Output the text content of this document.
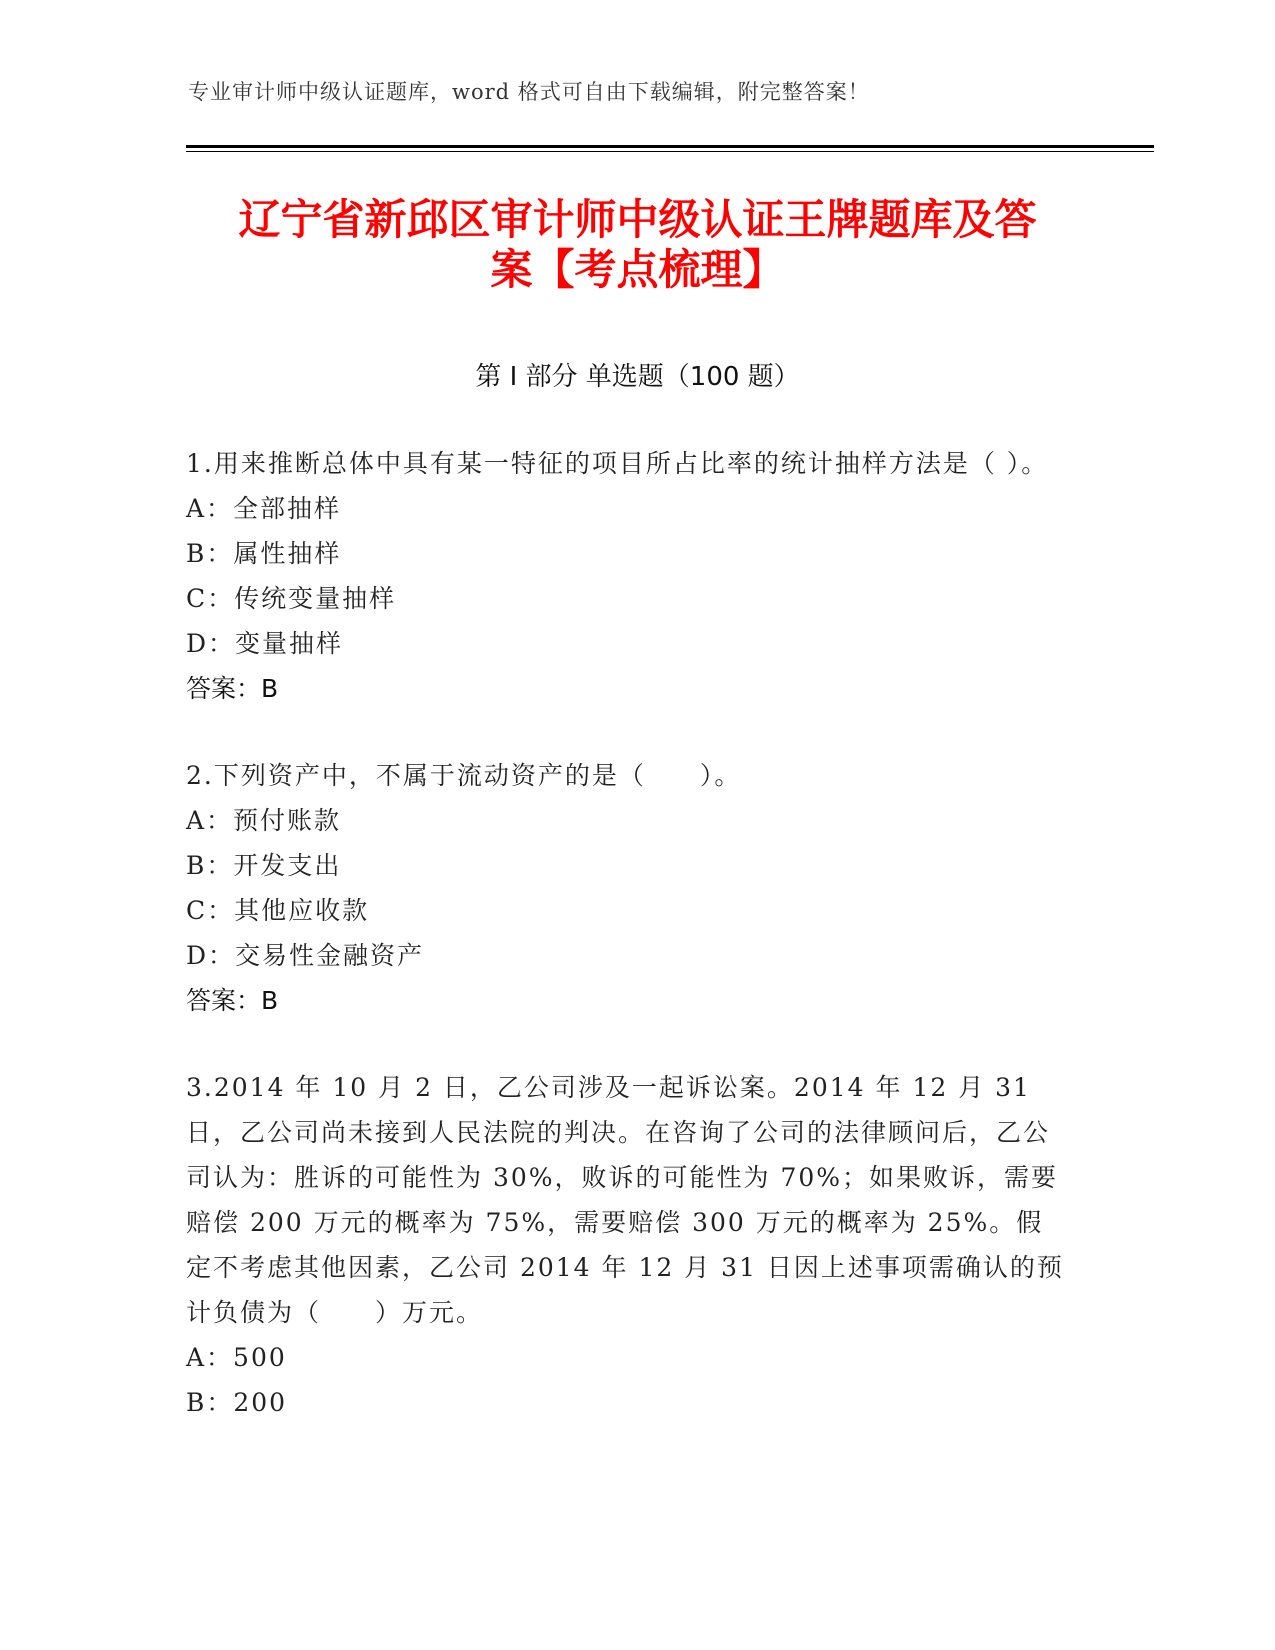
专业审计师中级认证题库，word 格式可自由下载编辑，附完整答案！
辽宁省新邱区审计师中级认证王牌题库及答
案【考点梳理】
第 I 部分 单选题（100 题）
1.用来推断总体中具有某一特征的项目所占比率的统计抽样方法是（ ）。
A：全部抽样
B：属性抽样
C：传统变量抽样
D：变量抽样
答案：B
2.下列资产中，不属于流动资产的是（　　）。
A：预付账款
B：开发支出
C：其他应收款
D：交易性金融资产
答案：B
3.2014 年 10 月 2 日，乙公司涉及一起诉讼案。2014 年 12 月 31 日，乙公司尚未接到人民法院的判决。在咨询了公司的法律顾问后，乙公司认为：胜诉的可能性为 30%，败诉的可能性为 70%；如果败诉，需要赔偿 200 万元的概率为 75%，需要赔偿 300 万元的概率为 25%。假定不考虑其他因素，乙公司 2014 年 12 月 31 日因上述事项需确认的预计负债为（　　）万元。
A：500
B：200
